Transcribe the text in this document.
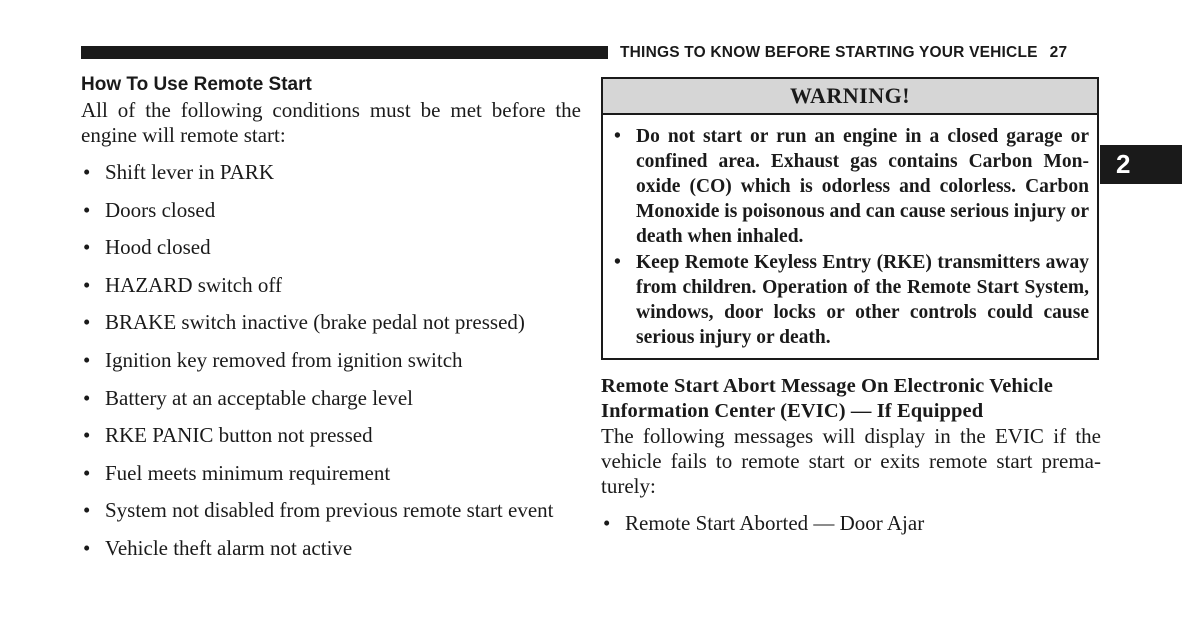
THINGS TO KNOW BEFORE STARTING YOUR VEHICLE 27
2
How To Use Remote Start

All of the following conditions must be met before the engine will remote start:

• Shift lever in PARK
• Doors closed
• Hood closed
• HAZARD switch off
• BRAKE switch inactive (brake pedal not pressed)
• Ignition key removed from ignition switch
• Battery at an acceptable charge level
• RKE PANIC button not pressed
• Fuel meets minimum requirement
• System not disabled from previous remote start event
• Vehicle theft alarm not active
WARNING!
• Do not start or run an engine in a closed garage or confined area. Exhaust gas contains Carbon Monoxide (CO) which is odorless and colorless. Carbon Monoxide is poisonous and can cause serious injury or death when inhaled.
• Keep Remote Keyless Entry (RKE) transmitters away from children. Operation of the Remote Start System, windows, door locks or other controls could cause serious injury or death.
Remote Start Abort Message On Electronic Vehicle Information Center (EVIC) — If Equipped

The following messages will display in the EVIC if the vehicle fails to remote start or exits remote start prematurely:

• Remote Start Aborted — Door Ajar
